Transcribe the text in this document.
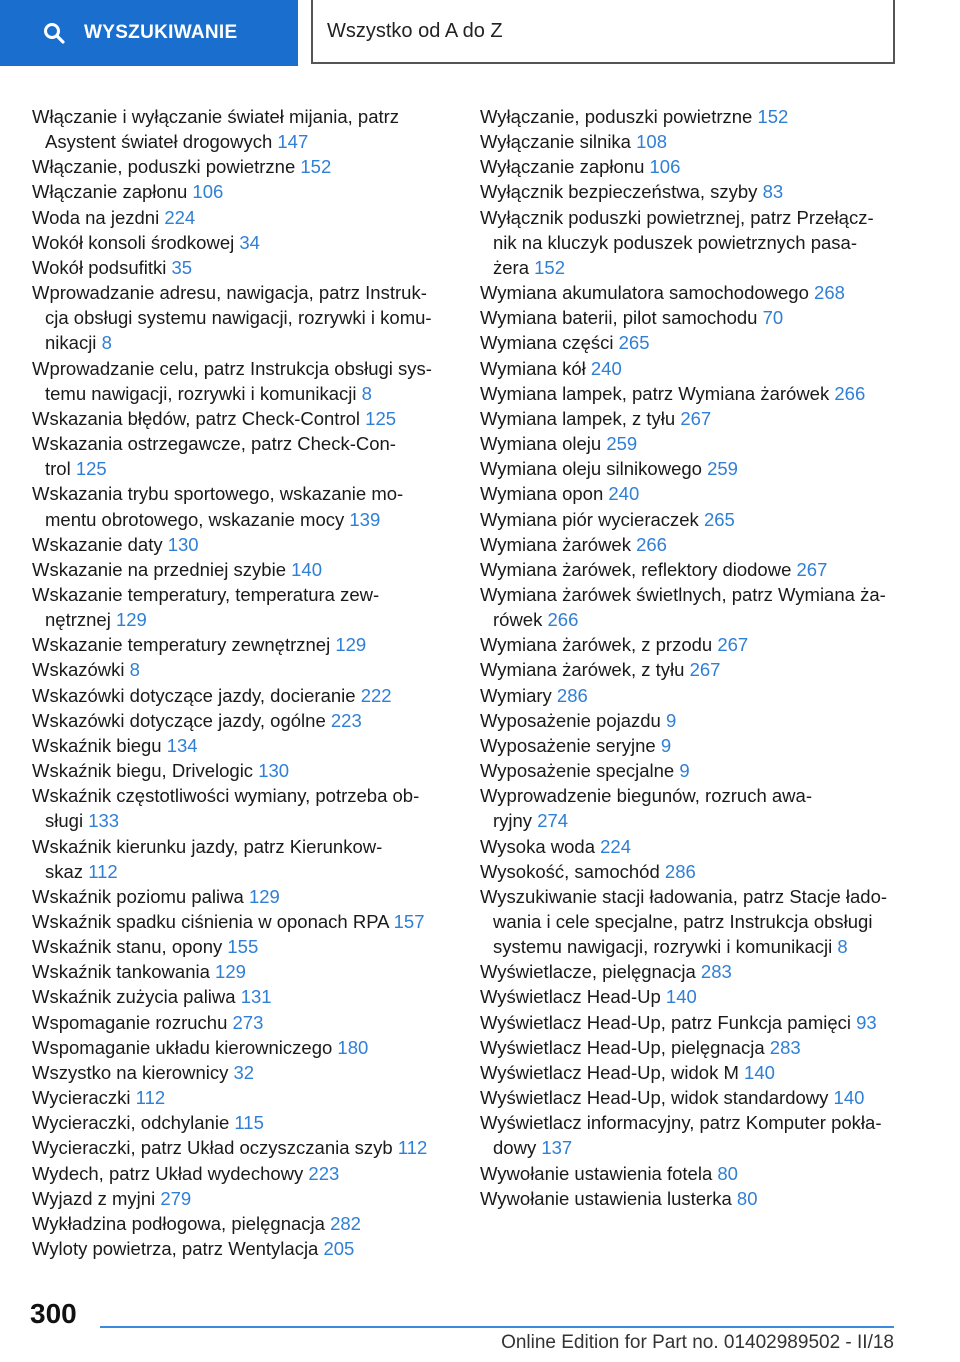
WYSZUKIWANIE	Wszystko od A do Z
Włączanie i wyłączanie świateł mijania, patrz
Asystent świateł drogowych 147
Włączanie, poduszki powietrzne 152
Włączanie zapłonu 106
Woda na jezdni 224
Wokół konsoli środkowej 34
Wokół podsufitki 35
Wprowadzanie adresu, nawigacja, patrz Instruk-
cja obsługi systemu nawigacji, rozrywki i komu-
nikacji 8
Wprowadzanie celu, patrz Instrukcja obsługi sys-
temu nawigacji, rozrywki i komunikacji 8
Wskazania błędów, patrz Check-Control 125
Wskazania ostrzegawcze, patrz Check-Con-
trol 125
Wskazania trybu sportowego, wskazanie mo-
mentu obrotowego, wskazanie mocy 139
Wskazanie daty 130
Wskazanie na przedniej szybie 140
Wskazanie temperatury, temperatura zew-
nętrznej 129
Wskazanie temperatury zewnętrznej 129
Wskazówki 8
Wskazówki dotyczące jazdy, docieranie 222
Wskazówki dotyczące jazdy, ogólne 223
Wskaźnik biegu 134
Wskaźnik biegu, Drivelogic 130
Wskaźnik częstotliwości wymiany, potrzeba ob-
sługi 133
Wskaźnik kierunku jazdy, patrz Kierunkow-
skaz 112
Wskaźnik poziomu paliwa 129
Wskaźnik spadku ciśnienia w oponach RPA 157
Wskaźnik stanu, opony 155
Wskaźnik tankowania 129
Wskaźnik zużycia paliwa 131
Wspomaganie rozruchu 273
Wspomaganie układu kierowniczego 180
Wszystko na kierownicy 32
Wycieraczki 112
Wycieraczki, odchylanie 115
Wycieraczki, patrz Układ oczyszczania szyb 112
Wydech, patrz Układ wydechowy 223
Wyjazd z myjni 279
Wykładzina podłogowa, pielęgnacja 282
Wyloty powietrza, patrz Wentylacja 205
Wyłączanie, poduszki powietrzne 152
Wyłączanie silnika 108
Wyłączanie zapłonu 106
Wyłącznik bezpieczeństwa, szyby 83
Wyłącznik poduszki powietrznej, patrz Przełącz-
nik na kluczyk poduszek powietrznych pasa-
żera 152
Wymiana akumulatora samochodowego 268
Wymiana baterii, pilot samochodu 70
Wymiana części 265
Wymiana kół 240
Wymiana lampek, patrz Wymiana żarówek 266
Wymiana lampek, z tyłu 267
Wymiana oleju 259
Wymiana oleju silnikowego 259
Wymiana opon 240
Wymiana piór wycieraczek 265
Wymiana żarówek 266
Wymiana żarówek, reflektory diodowe 267
Wymiana żarówek świetlnych, patrz Wymiana ża-
rówek 266
Wymiana żarówek, z przodu 267
Wymiana żarówek, z tyłu 267
Wymiary 286
Wyposażenie pojazdu 9
Wyposażenie seryjne 9
Wyposażenie specjalne 9
Wyprowadzenie biegunów, rozruch awa-
ryjny 274
Wysoka woda 224
Wysokość, samochód 286
Wyszukiwanie stacji ładowania, patrz Stacje łado-
wania i cele specjalne, patrz Instrukcja obsługi
systemu nawigacji, rozrywki i komunikacji 8
Wyświetlacze, pielęgnacja 283
Wyświetlacz Head-Up 140
Wyświetlacz Head-Up, patrz Funkcja pamięci 93
Wyświetlacz Head-Up, pielęgnacja 283
Wyświetlacz Head-Up, widok M 140
Wyświetlacz Head-Up, widok standardowy 140
Wyświetlacz informacyjny, patrz Komputer pokła-
dowy 137
Wywołanie ustawienia fotela 80
Wywołanie ustawienia lusterka 80
300
Online Edition for Part no. 01402989502 - II/18
